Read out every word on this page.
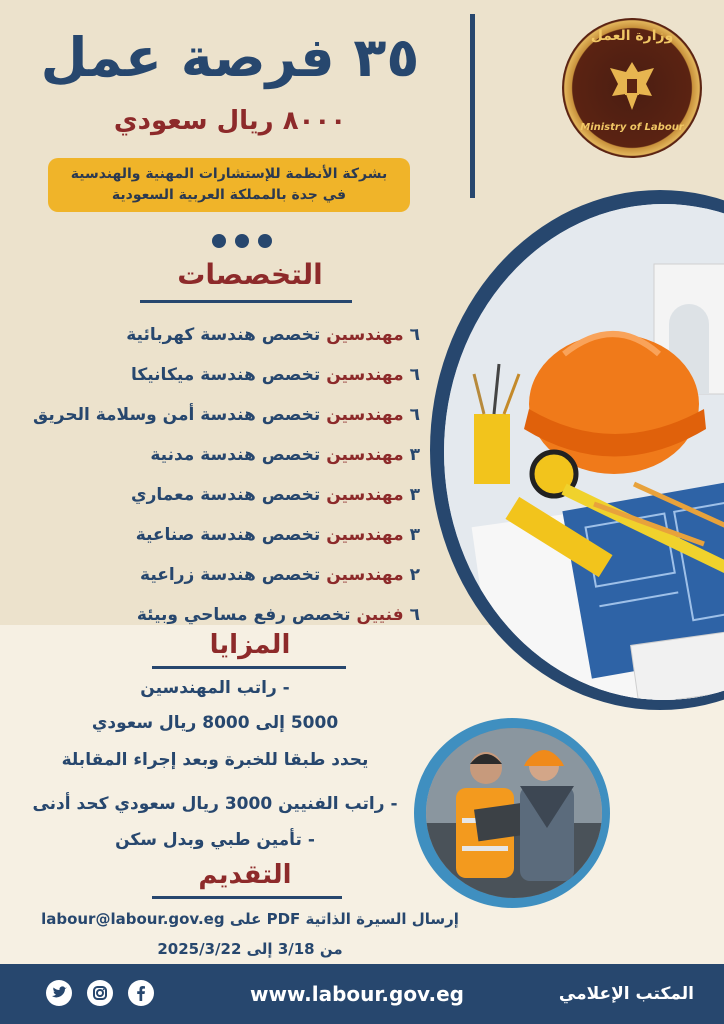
وزارة العمل
Ministry of Labour
٣٥ فرصة عمل
٨٠٠٠ ريال سعودي
بشركة الأنظمة للإستشارات المهنية والهندسية
في جدة بالمملكة العربية السعودية

التخصصات
٦ مهندسين تخصص هندسة كهربائية
٦ مهندسين تخصص هندسة ميكانيكا
٦ مهندسين تخصص هندسة أمن وسلامة الحريق
٣ مهندسين تخصص هندسة مدنية
٣ مهندسين تخصص هندسة معماري
٣ مهندسين تخصص هندسة صناعية
٢ مهندسين تخصص هندسة زراعية
٦ فنيين تخصص رفع مساحي وبيئة
المزايا
- راتب المهندسين
5000 إلى 8000 ريال سعودي
يحدد طبقا للخبرة وبعد إجراء المقابلة
- راتب الفنيين 3000 ريال سعودي كحد أدنى
- تأمين طبي وبدل سكن
التقديم
إرسال السيرة الذاتية PDF على labour@labour.gov.eg
من 3/18 إلى 2025/3/22

www.labour.gov.eg	المكتب الإعلامي
